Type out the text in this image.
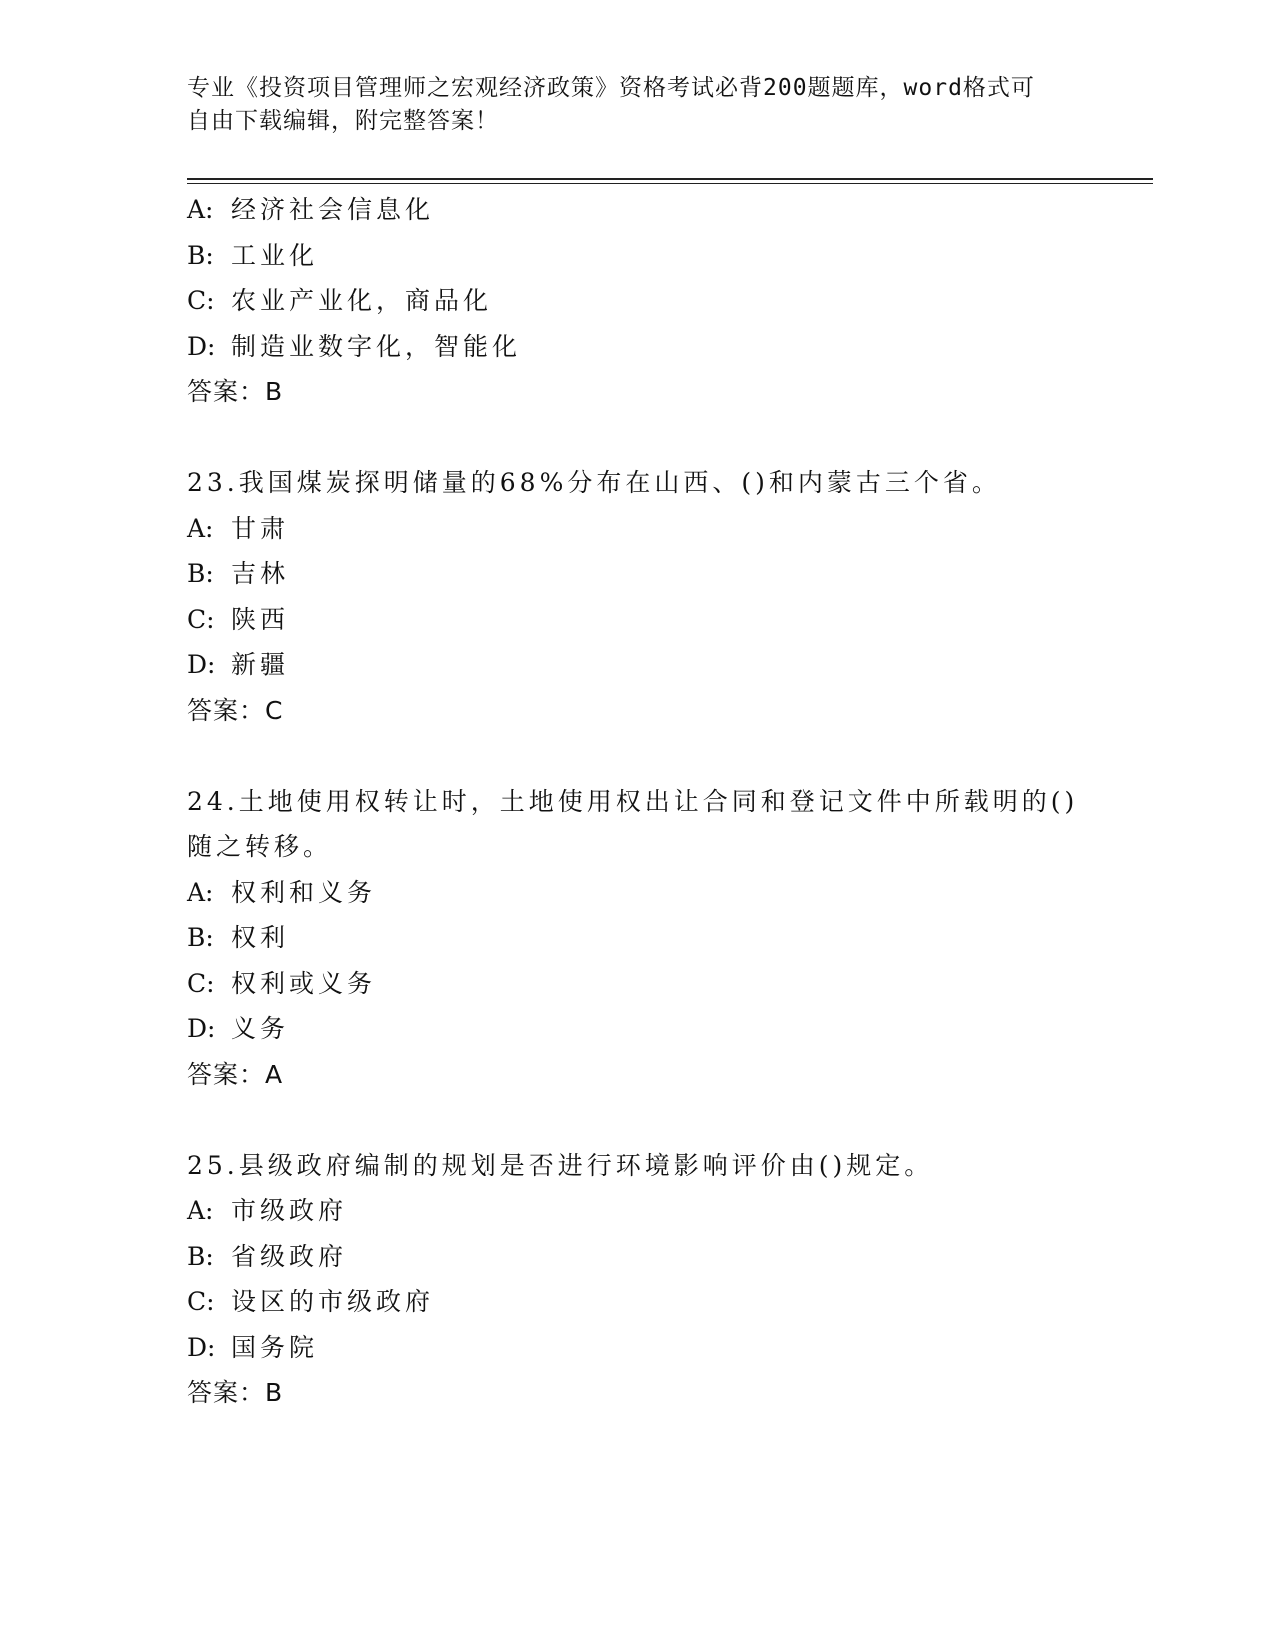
专业《投资项目管理师之宏观经济政策》资格考试必背200题题库，word格式可
自由下载编辑，附完整答案！
A: 经济社会信息化
B: 工业化
C: 农业产业化，商品化
D: 制造业数字化，智能化
答案：B
23.我国煤炭探明储量的68%分布在山西、()和内蒙古三个省。
A: 甘肃
B: 吉林
C: 陕西
D: 新疆
答案：C
24.土地使用权转让时，土地使用权出让合同和登记文件中所载明的()
随之转移。
A: 权利和义务
B: 权利
C: 权利或义务
D: 义务
答案：A
25.县级政府编制的规划是否进行环境影响评价由()规定。
A: 市级政府
B: 省级政府
C: 设区的市级政府
D: 国务院
答案：B
